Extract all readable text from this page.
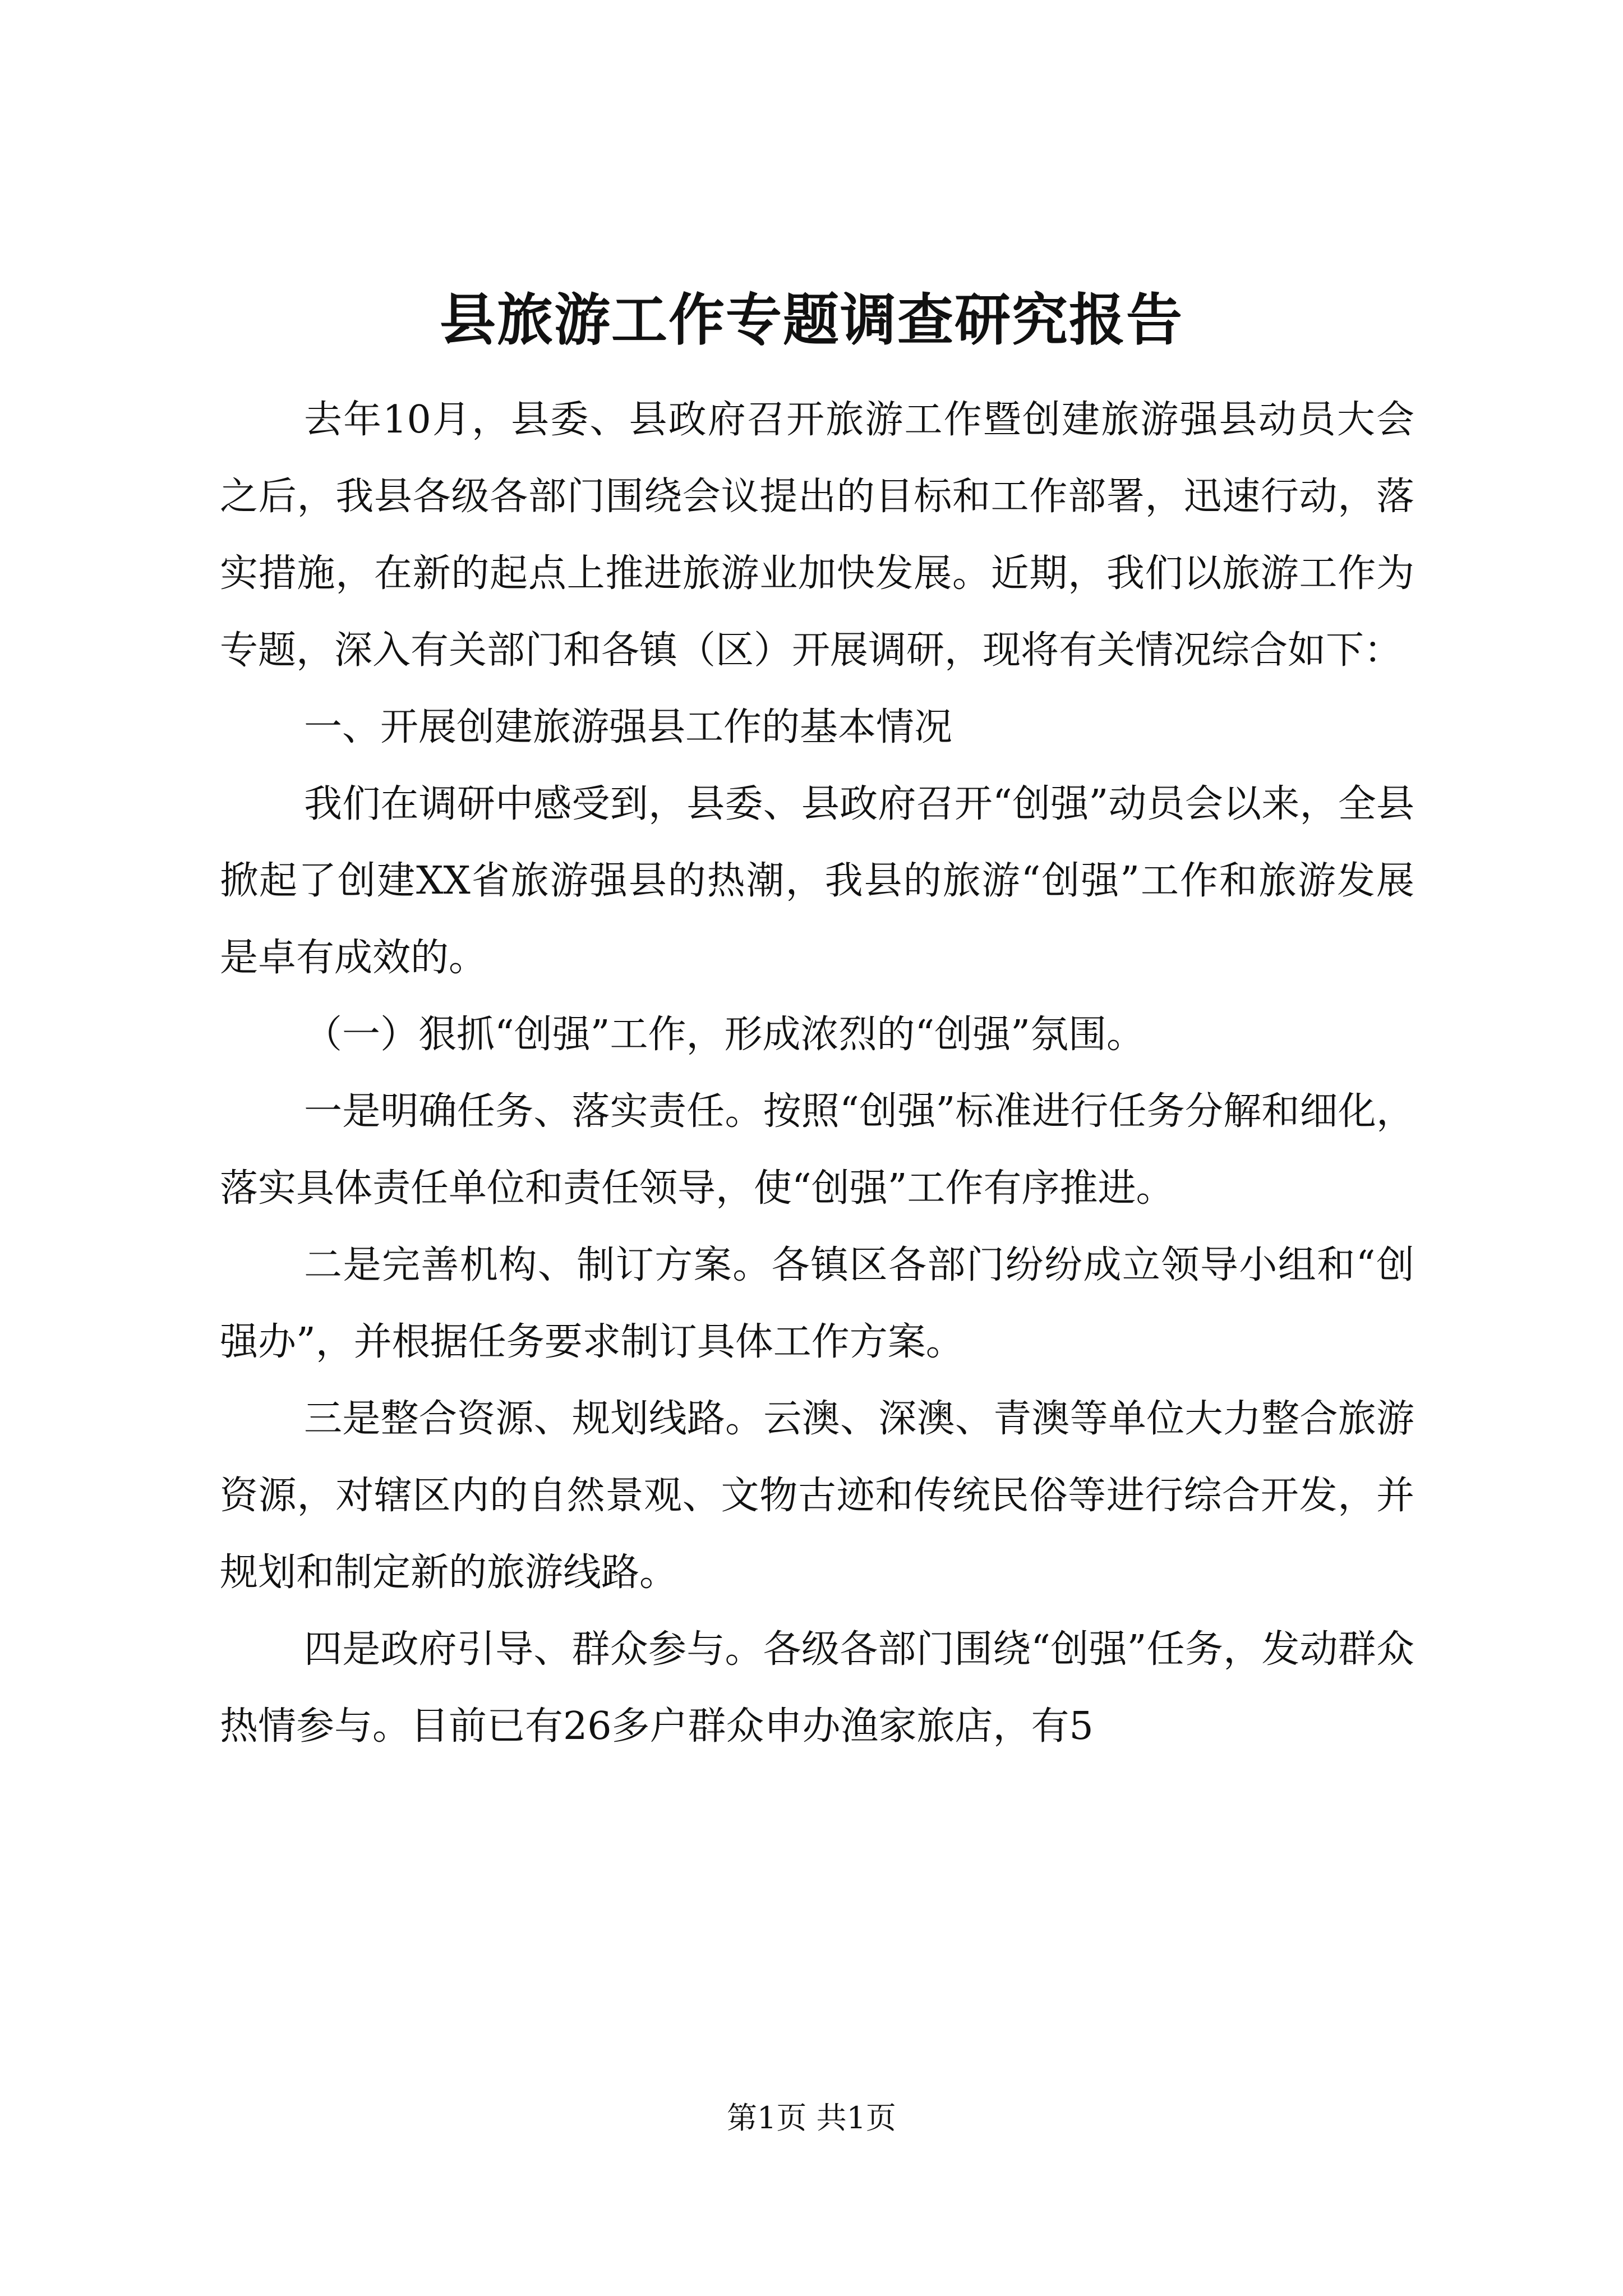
县旅游工作专题调查研究报告

去年10月，县委、县政府召开旅游工作暨创建旅游强县动员大会之后，我县各级各部门围绕会议提出的目标和工作部署，迅速行动，落实措施，在新的起点上推进旅游业加快发展。近期，我们以旅游工作为专题，深入有关部门和各镇（区）开展调研，现将有关情况综合如下：

一、开展创建旅游强县工作的基本情况

我们在调研中感受到，县委、县政府召开“创强”动员会以来，全县掀起了创建XX省旅游强县的热潮，我县的旅游“创强”工作和旅游发展是卓有成效的。

（一）狠抓“创强”工作，形成浓烈的“创强”氛围。

一是明确任务、落实责任。按照“创强”标准进行任务分解和细化，落实具体责任单位和责任领导，使“创强”工作有序推进。

二是完善机构、制订方案。各镇区各部门纷纷成立领导小组和“创强办”，并根据任务要求制订具体工作方案。

三是整合资源、规划线路。云澳、深澳、青澳等单位大力整合旅游资源，对辖区内的自然景观、文物古迹和传统民俗等进行综合开发，并规划和制定新的旅游线路。

四是政府引导、群众参与。各级各部门围绕“创强”任务，发动群众热情参与。目前已有26多户群众申办渔家旅店，有5

第1页 共1页
